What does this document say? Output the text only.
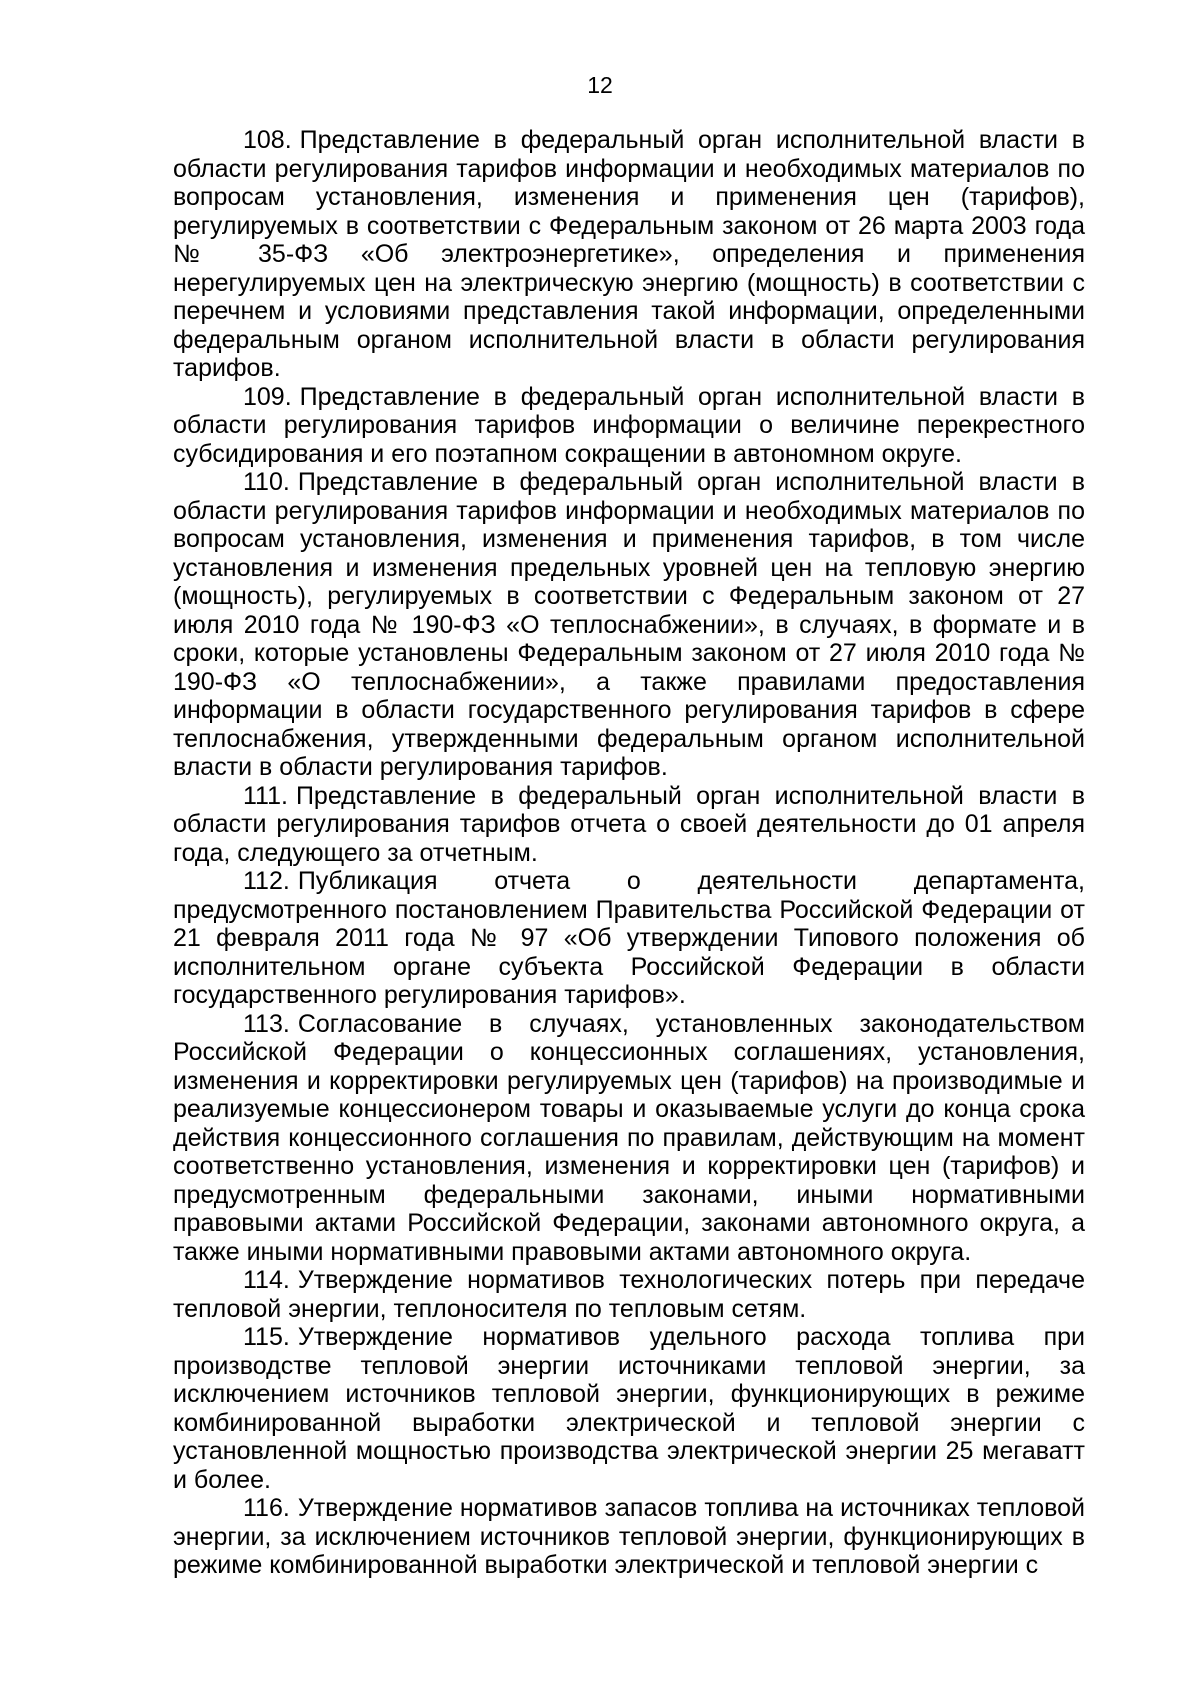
12

108. Представление в федеральный орган исполнительной власти в области регулирования тарифов информации и необходимых материалов по вопросам установления, изменения и применения цен (тарифов), регулируемых в соответствии с Федеральным законом от 26 марта 2003 года № 35-ФЗ «Об электроэнергетике», определения и применения нерегулируемых цен на электрическую энергию (мощность) в соответствии с перечнем и условиями представления такой информации, определенными федеральным органом исполнительной власти в области регулирования тарифов.

109. Представление в федеральный орган исполнительной власти в области регулирования тарифов информации о величине перекрестного субсидирования и его поэтапном сокращении в автономном округе.

110. Представление в федеральный орган исполнительной власти в области регулирования тарифов информации и необходимых материалов по вопросам установления, изменения и применения тарифов, в том числе установления и изменения предельных уровней цен на тепловую энергию (мощность), регулируемых в соответствии с Федеральным законом от 27 июля 2010 года № 190-ФЗ «О теплоснабжении», в случаях, в формате и в сроки, которые установлены Федеральным законом от 27 июля 2010 года № 190-ФЗ «О теплоснабжении», а также правилами предоставления информации в области государственного регулирования тарифов в сфере теплоснабжения, утвержденными федеральным органом исполнительной власти в области регулирования тарифов.

111. Представление в федеральный орган исполнительной власти в области регулирования тарифов отчета о своей деятельности до 01 апреля года, следующего за отчетным.

112. Публикация отчета о деятельности департамента, предусмотренного постановлением Правительства Российской Федерации от 21 февраля 2011 года № 97 «Об утверждении Типового положения об исполнительном органе субъекта Российской Федерации в области государственного регулирования тарифов».

113. Согласование в случаях, установленных законодательством Российской Федерации о концессионных соглашениях, установления, изменения и корректировки регулируемых цен (тарифов) на производимые и реализуемые концессионером товары и оказываемые услуги до конца срока действия концессионного соглашения по правилам, действующим на момент соответственно установления, изменения и корректировки цен (тарифов) и предусмотренным федеральными законами, иными нормативными правовыми актами Российской Федерации, законами автономного округа, а также иными нормативными правовыми актами автономного округа.

114. Утверждение нормативов технологических потерь при передаче тепловой энергии, теплоносителя по тепловым сетям.

115. Утверждение нормативов удельного расхода топлива при производстве тепловой энергии источниками тепловой энергии, за исключением источников тепловой энергии, функционирующих в режиме комбинированной выработки электрической и тепловой энергии с установленной мощностью производства электрической энергии 25 мегаватт и более.

116. Утверждение нормативов запасов топлива на источниках тепловой энергии, за исключением источников тепловой энергии, функционирующих в режиме комбинированной выработки электрической и тепловой энергии с
